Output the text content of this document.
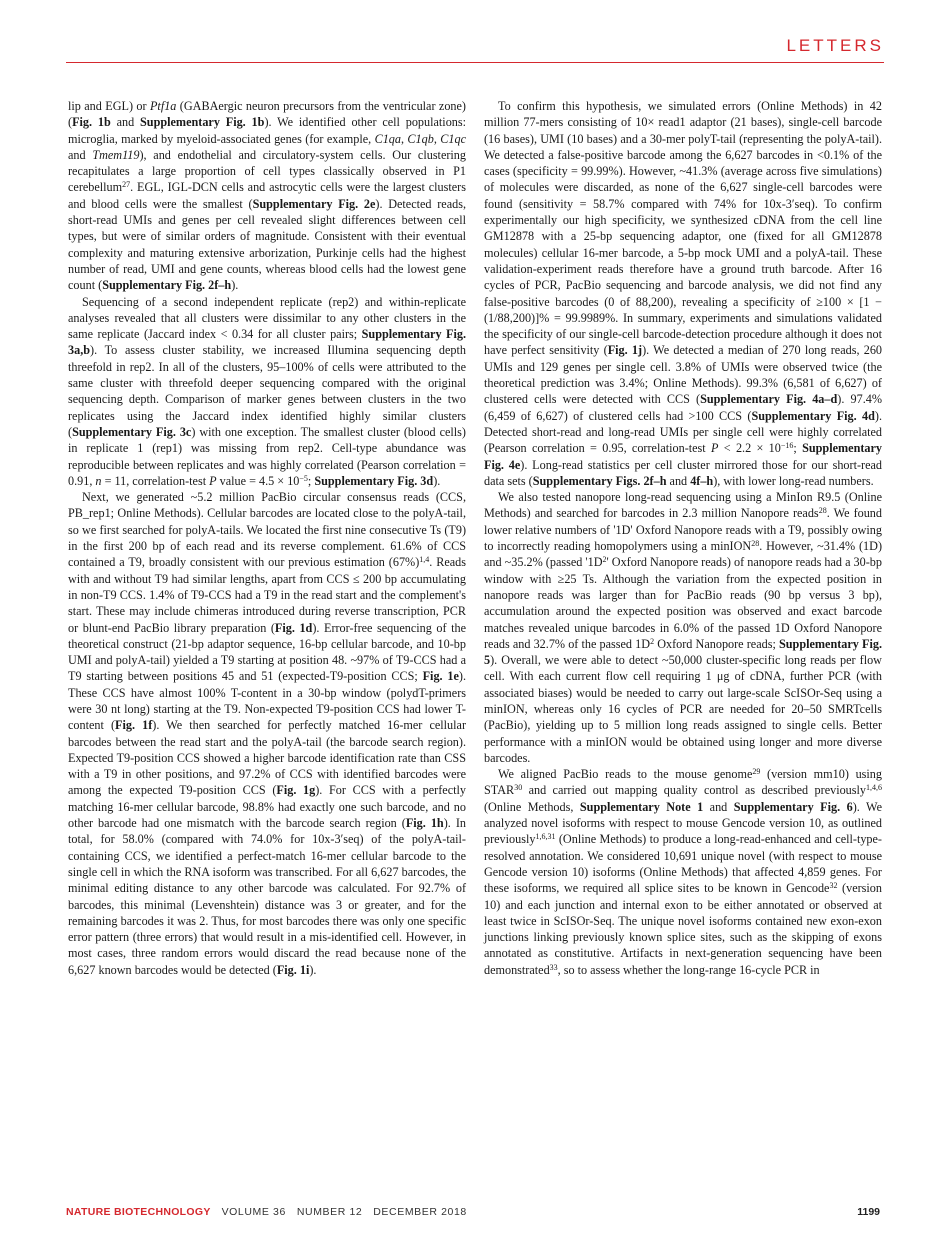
LETTERS

lip and EGL) or Ptf1a (GABAergic neuron precursors from the ventricular zone) (Fig. 1b and Supplementary Fig. 1b). We identified other cell populations: microglia, marked by myeloid-associated genes (for example, C1qa, C1qb, C1qc and Tmem119), and endothelial and circulatory-system cells. Our clustering recapitulates a large proportion of cell types classically observed in P1 cerebellum$^{27}$. EGL, IGL-DCN cells and astrocytic cells were the largest clusters and blood cells were the smallest (Supplementary Fig. 2e). Detected reads, short-read UMIs and genes per cell revealed slight differences between cell types, but were of similar orders of magnitude. Consistent with their eventual complexity and maturing extensive arborization, Purkinje cells had the highest number of read, UMI and gene counts, whereas blood cells had the lowest gene count (Supplementary Fig. 2f–h).

Sequencing of a second independent replicate (rep2) and within-replicate analyses revealed that all clusters were dissimilar to any other clusters in the same replicate (Jaccard index < 0.34 for all cluster pairs; Supplementary Fig. 3a,b). To assess cluster stability, we increased Illumina sequencing depth threefold in rep2. In all of the clusters, 95–100% of cells were attributed to the same cluster with threefold deeper sequencing compared with the original sequencing depth. Comparison of marker genes between clusters in the two replicates using the Jaccard index identified highly similar clusters (Supplementary Fig. 3c) with one exception. The smallest cluster (blood cells) in replicate 1 (rep1) was missing from rep2. Cell-type abundance was reproducible between replicates and was highly correlated (Pearson correlation = 0.91, n = 11, correlation-test P value = $4.5 \times 10^{-5}$; Supplementary Fig. 3d).

Next, we generated ~5.2 million PacBio circular consensus reads (CCS, PB_rep1; Online Methods). Cellular barcodes are located close to the polyA-tail, so we first searched for polyA-tails. We located the first nine consecutive Ts (T9) in the first 200 bp of each read and its reverse complement. 61.6% of CCS contained a T9, broadly consistent with our previous estimation $(67\%)^{1,4}$. Reads with and without T9 had similar lengths, apart from CCS ≤ 200 bp accumulating in non-T9 CCS. 1.4% of T9-CCS had a T9 in the read start and the complement's start. These may include chimeras introduced during reverse transcription, PCR or blunt-end PacBio library preparation (Fig. 1d). Error-free sequencing of the theoretical construct (21-bp adaptor sequence, 16-bp cellular barcode, and 10-bp UMI and polyA-tail) yielded a T9 starting at position 48. ~97% of T9-CCS had a T9 starting between positions 45 and 51 (expected-T9-position CCS; Fig. 1e). These CCS have almost 100% T-content in a 30-bp window (polydT-primers were 30 nt long) starting at the T9. Non-expected T9-position CCS had lower T-content (Fig. 1f). We then searched for perfectly matched 16-mer cellular barcodes between the read start and the polyA-tail (the barcode search region). Expected T9-position CCS showed a higher barcode identification rate than CSS with a T9 in other positions, and 97.2% of CCS with identified barcodes were among the expected T9-position CCS (Fig. 1g). For CCS with a perfectly matching 16-mer cellular barcode, 98.8% had exactly one such barcode, and no other barcode had one mismatch with the barcode search region (Fig. 1h). In total, for 58.0% (compared with 74.0% for 10x-3′seq) of the polyA-tail-containing CCS, we identified a perfect-match 16-mer cellular barcode to the single cell in which the RNA isoform was transcribed. For all 6,627 barcodes, the minimal editing distance to any other barcode was calculated. For 92.7% of barcodes, this minimal (Levenshtein) distance was 3 or greater, and for the remaining barcodes it was 2. Thus, for most barcodes there was only one specific error pattern (three errors) that would result in a mis-identified cell. However, in most cases, three random errors would discard the read because none of the 6,627 known barcodes would be detected (Fig. 1i).

To confirm this hypothesis, we simulated errors (Online Methods) in 42 million 77-mers consisting of 10× read1 adaptor (21 bases), single-cell barcode (16 bases), UMI (10 bases) and a 30-mer polyT-tail (representing the polyA-tail). We detected a false-positive barcode among the 6,627 barcodes in <0.1% of the cases (specificity = 99.99%). However, ~41.3% (average across five simulations) of molecules were discarded, as none of the 6,627 single-cell barcodes were found (sensitivity = 58.7% compared with 74% for 10x-3′seq). To confirm experimentally our high specificity, we synthesized cDNA from the cell line GM12878 with a 25-bp sequencing adaptor, one (fixed for all GM12878 molecules) cellular 16-mer barcode, a 5-bp mock UMI and a polyA-tail. These validation-experiment reads therefore have a ground truth barcode. After 16 cycles of PCR, PacBio sequencing and barcode analysis, we did not find any false-positive barcodes (0 of 88,200), revealing a specificity of ≥100 × [1 − (1/88,200)]% = 99.9989%. In summary, experiments and simulations validated the specificity of our single-cell barcode-detection procedure although it does not have perfect sensitivity (Fig. 1j). We detected a median of 270 long reads, 260 UMIs and 129 genes per single cell. 3.8% of UMIs were observed twice (the theoretical prediction was 3.4%; Online Methods). 99.3% (6,581 of 6,627) of clustered cells were detected with CCS (Supplementary Fig. 4a–d). 97.4% (6,459 of 6,627) of clustered cells had >100 CCS (Supplementary Fig. 4d). Detected short-read and long-read UMIs per single cell were highly correlated (Pearson correlation = 0.95, correlation-test $P < 2.2 \times 10^{-16}$; Supplementary Fig. 4e). Long-read statistics per cell cluster mirrored those for our short-read data sets (Supplementary Figs. 2f–h and 4f–h), with lower long-read numbers.

We also tested nanopore long-read sequencing using a MinIon R9.5 (Online Methods) and searched for barcodes in 2.3 million Nanopore reads$^{28}$. We found lower relative numbers of '1D' Oxford Nanopore reads with a T9, possibly owing to incorrectly reading homopolymers using a minION$^{28}$. However, ~31.4% (1D) and ~35.2% (passed '$1D^2$' Oxford Nanopore reads) of nanopore reads had a 30-bp window with ≥25 Ts. Although the variation from the expected position in nanopore reads was larger than for PacBio reads (90 bp versus 3 bp), accumulation around the expected position was observed and exact barcode matches revealed unique barcodes in 6.0% of the passed 1D Oxford Nanopore reads and 32.7% of the passed $1D^2$ Oxford Nanopore reads; Supplementary Fig. 5). Overall, we were able to detect ~50,000 cluster-specific long reads per flow cell. With each current flow cell requiring 1 μg of cDNA, further PCR (with associated biases) would be needed to carry out large-scale ScISOr-Seq using a minION, whereas only 16 cycles of PCR are needed for 20–50 SMRTcells (PacBio), yielding up to 5 million long reads assigned to single cells. Better performance with a minION would be obtained using longer and more diverse barcodes.

We aligned PacBio reads to the mouse genome$^{29}$ (version mm10) using STAR$^{30}$ and carried out mapping quality control as described previously$^{1,4,6}$ (Online Methods, Supplementary Note 1 and Supplementary Fig. 6). We analyzed novel isoforms with respect to mouse Gencode version 10, as outlined previously$^{1,6,31}$ (Online Methods) to produce a long-read-enhanced and cell-type-resolved annotation. We considered 10,691 unique novel (with respect to mouse Gencode version 10) isoforms (Online Methods) that affected 4,859 genes. For these isoforms, we required all splice sites to be known in Gencode$^{32}$ (version 10) and each junction and internal exon to be either annotated or observed at least twice in ScISOr-Seq. The unique novel isoforms contained new exon-exon junctions linking previously known splice sites, such as the skipping of exons annotated as constitutive. Artifacts in next-generation sequencing have been demonstrated$^{33}$, so to assess whether the long-range 16-cycle PCR in

NATURE BIOTECHNOLOGY VOLUME 36 NUMBER 12 DECEMBER 2018	1199
